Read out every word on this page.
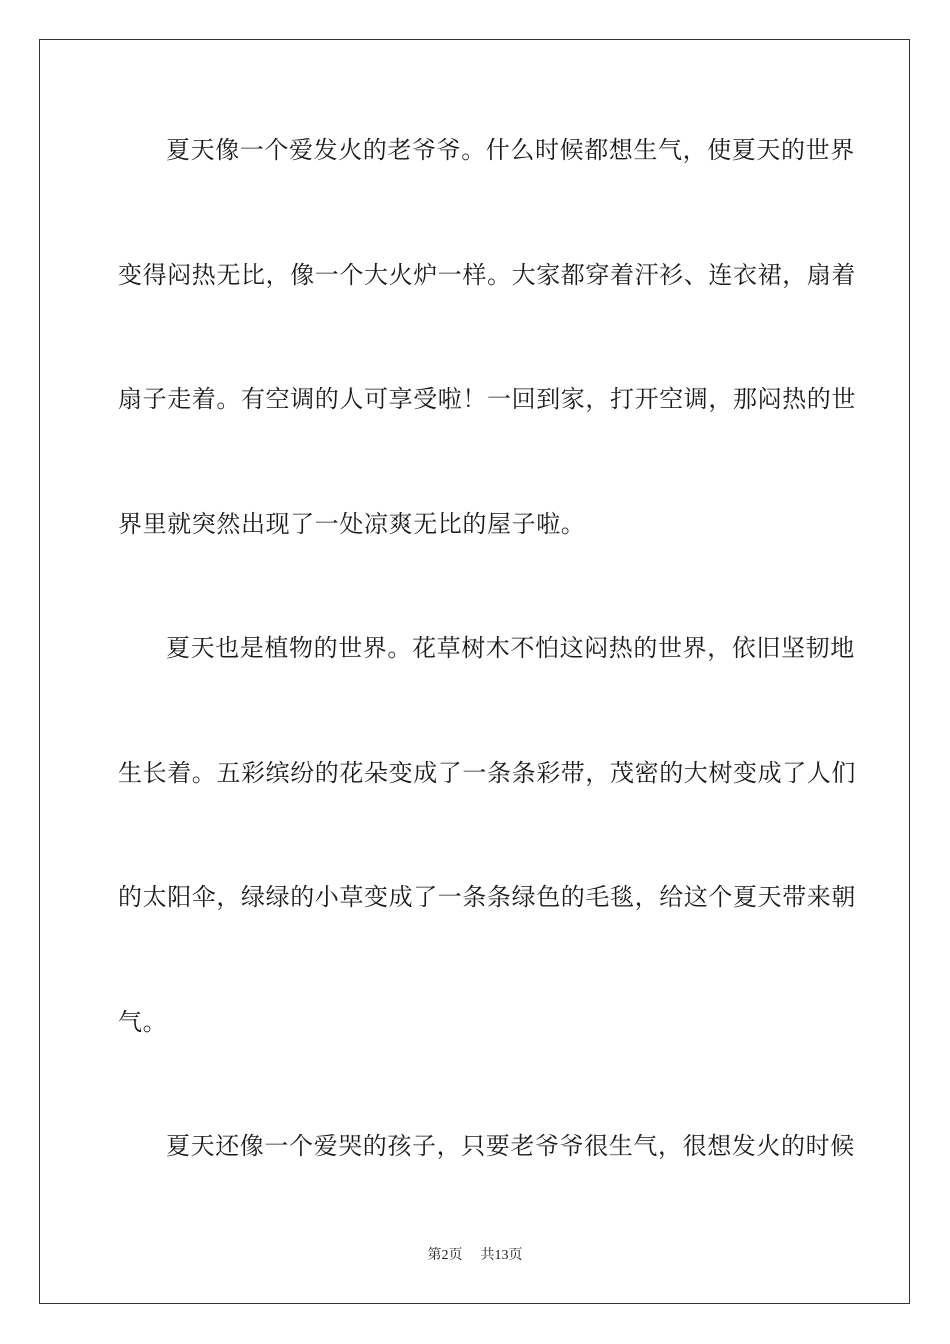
夏天像一个爱发火的老爷爷。什么时候都想生气，使夏天的世界
变得闷热无比，像一个大火炉一样。大家都穿着汗衫、连衣裙，扇着
扇子走着。有空调的人可享受啦！一回到家，打开空调，那闷热的世
界里就突然出现了一处凉爽无比的屋子啦。
夏天也是植物的世界。花草树木不怕这闷热的世界，依旧坚韧地
生长着。五彩缤纷的花朵变成了一条条彩带，茂密的大树变成了人们
的太阳伞，绿绿的小草变成了一条条绿色的毛毯，给这个夏天带来朝
气。
夏天还像一个爱哭的孩子，只要老爷爷很生气，很想发火的时候
第2页 共13页
